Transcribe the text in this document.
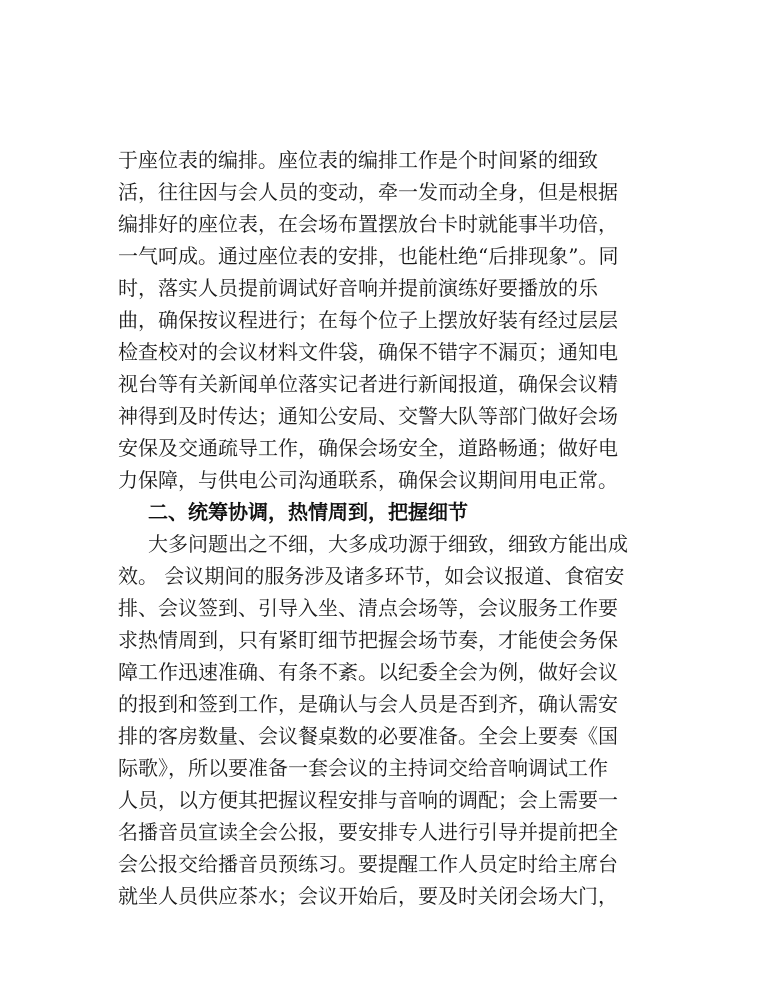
于座位表的编排。座位表的编排工作是个时间紧的细致
活，往往因与会人员的变动，牵一发而动全身，但是根据
编排好的座位表，在会场布置摆放台卡时就能事半功倍，
一气呵成。通过座位表的安排，也能杜绝“后排现象”。同
时，落实人员提前调试好音响并提前演练好要播放的乐
曲，确保按议程进行；在每个位子上摆放好装有经过层层
检查校对的会议材料文件袋，确保不错字不漏页；通知电
视台等有关新闻单位落实记者进行新闻报道，确保会议精
神得到及时传达；通知公安局、交警大队等部门做好会场
安保及交通疏导工作，确保会场安全，道路畅通；做好电
力保障，与供电公司沟通联系，确保会议期间用电正常。
二、统筹协调，热情周到，把握细节
大多问题出之不细，大多成功源于细致，细致方能出成
效。 会议期间的服务涉及诸多环节，如会议报道、食宿安
排、会议签到、引导入坐、清点会场等，会议服务工作要
求热情周到，只有紧盯细节把握会场节奏，才能使会务保
障工作迅速准确、有条不紊。以纪委全会为例，做好会议
的报到和签到工作，是确认与会人员是否到齐，确认需安
排的客房数量、会议餐桌数的必要准备。全会上要奏《国
际歌》，所以要准备一套会议的主持词交给音响调试工作
人员，以方便其把握议程安排与音响的调配；会上需要一
名播音员宣读全会公报，要安排专人进行引导并提前把全
会公报交给播音员预练习。要提醒工作人员定时给主席台
就坐人员供应茶水；会议开始后，要及时关闭会场大门，
